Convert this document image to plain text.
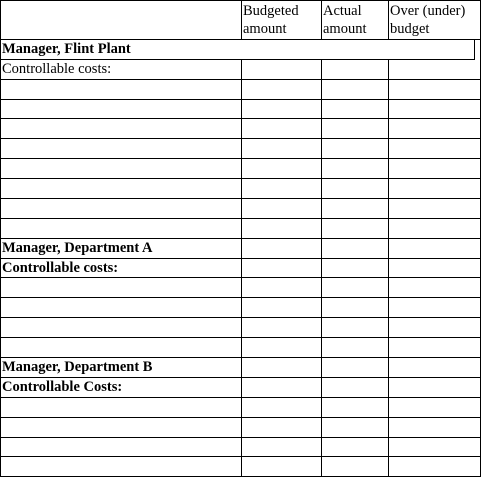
Budgeted
amount
Actual
amount
Over (under)
budget
Manager, Flint Plant
Controllable costs:
Manager, Department A
Controllable costs:
Manager, Department B
Controllable Costs:
